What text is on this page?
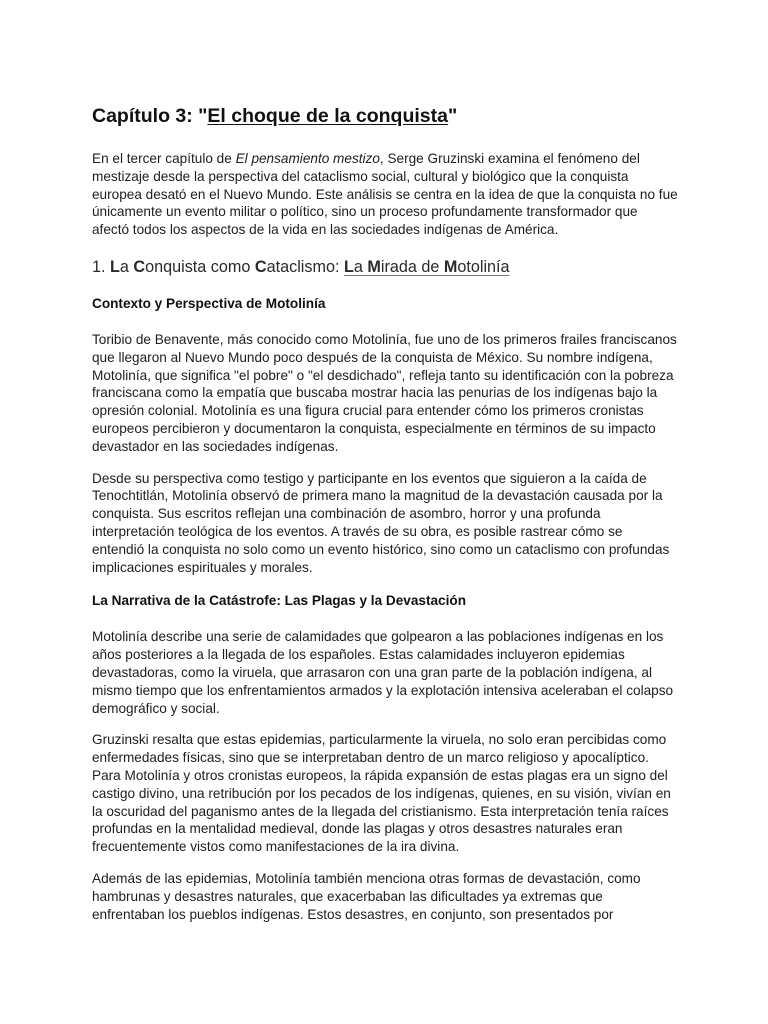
Capítulo 3: "El choque de la conquista"

En el tercer capítulo de El pensamiento mestizo, Serge Gruzinski examina el fenómeno del mestizaje desde la perspectiva del cataclismo social, cultural y biológico que la conquista europea desató en el Nuevo Mundo. Este análisis se centra en la idea de que la conquista no fue únicamente un evento militar o político, sino un proceso profundamente transformador que afectó todos los aspectos de la vida en las sociedades indígenas de América.

1. La Conquista como Cataclismo: La Mirada de Motolinía
Contexto y Perspectiva de Motolinía

Toribio de Benavente, más conocido como Motolinía, fue uno de los primeros frailes franciscanos que llegaron al Nuevo Mundo poco después de la conquista de México. Su nombre indígena, Motolinía, que significa "el pobre" o "el desdichado", refleja tanto su identificación con la pobreza franciscana como la empatía que buscaba mostrar hacia las penurias de los indígenas bajo la opresión colonial. Motolinía es una figura crucial para entender cómo los primeros cronistas europeos percibieron y documentaron la conquista, especialmente en términos de su impacto devastador en las sociedades indígenas.

Desde su perspectiva como testigo y participante en los eventos que siguieron a la caída de Tenochtitlán, Motolinía observó de primera mano la magnitud de la devastación causada por la conquista. Sus escritos reflejan una combinación de asombro, horror y una profunda interpretación teológica de los eventos. A través de su obra, es posible rastrear cómo se entendió la conquista no solo como un evento histórico, sino como un cataclismo con profundas implicaciones espirituales y morales.

La Narrativa de la Catástrofe: Las Plagas y la Devastación

Motolinía describe una serie de calamidades que golpearon a las poblaciones indígenas en los años posteriores a la llegada de los españoles. Estas calamidades incluyeron epidemias devastadoras, como la viruela, que arrasaron con una gran parte de la población indígena, al mismo tiempo que los enfrentamientos armados y la explotación intensiva aceleraban el colapso demográfico y social.

Gruzinski resalta que estas epidemias, particularmente la viruela, no solo eran percibidas como enfermedades físicas, sino que se interpretaban dentro de un marco religioso y apocalíptico. Para Motolinía y otros cronistas europeos, la rápida expansión de estas plagas era un signo del castigo divino, una retribución por los pecados de los indígenas, quienes, en su visión, vivían en la oscuridad del paganismo antes de la llegada del cristianismo. Esta interpretación tenía raíces profundas en la mentalidad medieval, donde las plagas y otros desastres naturales eran frecuentemente vistos como manifestaciones de la ira divina.

Además de las epidemias, Motolinía también menciona otras formas de devastación, como hambrunas y desastres naturales, que exacerbaban las dificultades ya extremas que enfrentaban los pueblos indígenas. Estos desastres, en conjunto, son presentados por
